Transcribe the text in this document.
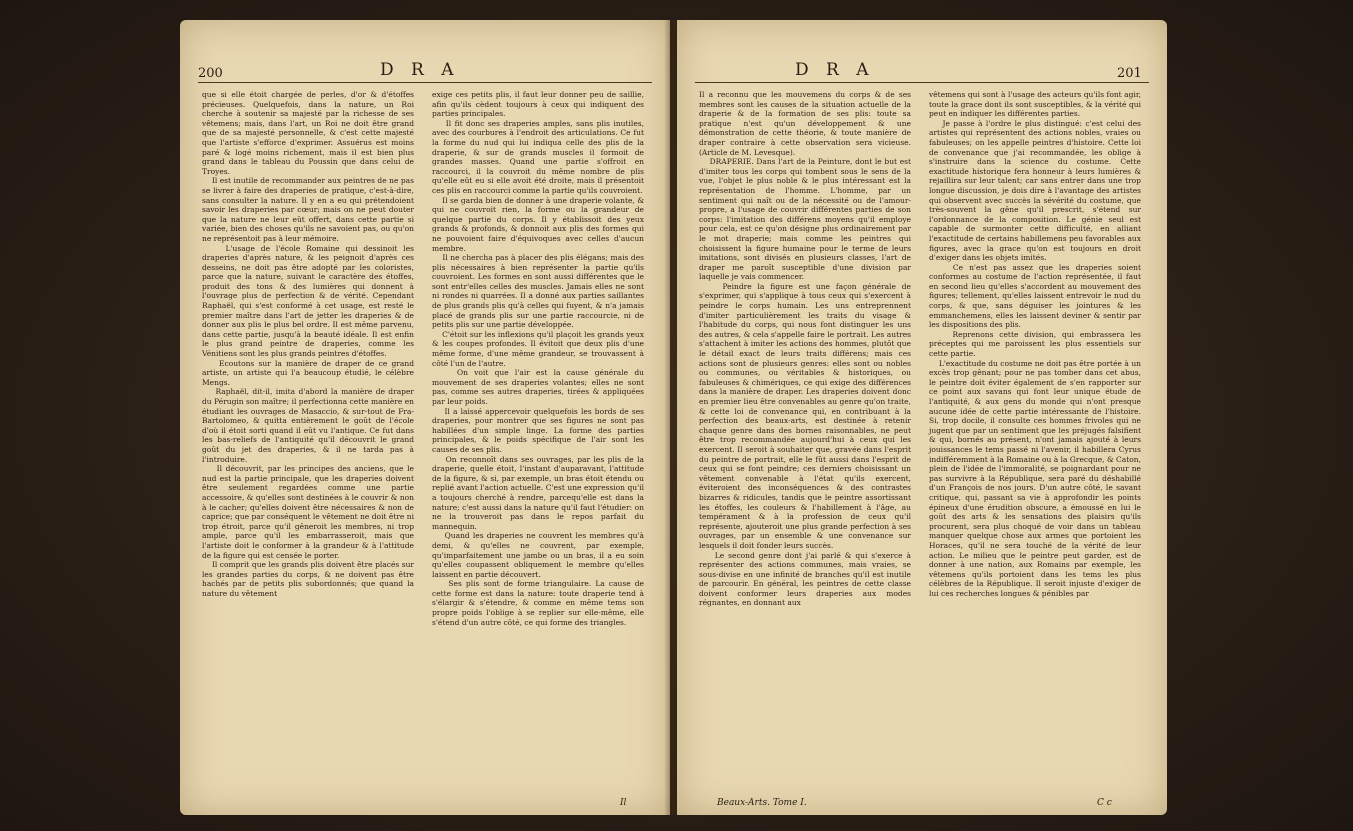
200	D R A
que si elle étoit chargée de perles, d'or & d'étoffes précieuses. Quelquefois, dans la nature, un Roi cherche à soutenir sa majesté par la richesse de ses vêtemens; mais, dans l'art, un Roi ne doit être grand que de sa majesté personnelle, & c'est cette majesté que l'artiste s'efforce d'exprimer. Assuérus est moins paré & logé moins richement, mais il est bien plus grand dans le tableau du Poussin que dans celui de Troyes.
Il est inutile de recommander aux peintres de ne pas se livrer à faire des draperies de pratique, c'est-à-dire, sans consulter la nature. Il y en a eu qui prétendoient savoir les draperies par cœur; mais on ne peut douter que la nature ne leur eût offert, dans cette partie si variée, bien des choses qu'ils ne savoient pas, ou qu'on ne représentoit pas à leur mémoire.
L'usage de l'école Romaine qui dessinoit les draperies d'après nature, & les peignoit d'après ces desseins, ne doit pas être adopté par les coloristes, parce que la nature, suivant le caractère des étoffes, produit des tons & des lumières qui donnent à l'ouvrage plus de perfection & de vérité. Cependant Raphaël, qui s'est conformé à cet usage, est resté le premier maître dans l'art de jetter les draperies & de donner aux plis le plus bel ordre. Il est même parvenu, dans cette partie, jusqu'à la beauté idéale. Il est enfin le plus grand peintre de draperies, comme les Vénitiens sont les plus grands peintres d'étoffes.
Ecoutons sur la manière de draper de ce grand artiste, un artiste qui l'a beaucoup étudié, le célèbre Mengs.
Raphaël, dit-il, imita d'abord la manière de draper du Pérugin son maître; il perfectionna cette manière en étudiant les ouvrages de Masaccio, & sur-tout de Fra-Bartolomeo, & quitta entièrement le goût de l'école d'où il étoit sorti quand il eût vu l'antique. Ce fut dans les bas-reliefs de l'antiquité qu'il découvrit le grand goût du jet des draperies, & il ne tarda pas à l'introduire.
Il découvrit, par les principes des anciens, que le nud est la partie principale, que les draperies doivent être seulement regardées comme une partie accessoire, & qu'elles sont destinées à le couvrir & non à le cacher; qu'elles doivent être nécessaires & non de caprice; que par conséquent le vêtement ne doit être ni trop étroit, parce qu'il gêneroit les membres, ni trop ample, parce qu'il les embarrasseroit, mais que l'artiste doit le conformer à la grandeur & à l'attitude de la figure qui est censée le porter.
Il comprit que les grands plis doivent être placés sur les grandes parties du corps, & ne doivent pas être hachés par de petits plis subordonnés; que quand la nature du vêtement
exige ces petits plis, il faut leur donner peu de saillie, afin qu'ils cèdent toujours à ceux qui indiquent des parties principales.
Il fit donc ses draperies amples, sans plis inutiles, avec des courbures à l'endroit des articulations. Ce fut la forme du nud qui lui indiqua celle des plis de la draperie, & sur de grands muscles il formoit de grandes masses. Quand une partie s'offroit en raccourci, il la couvroit du même nombre de plis qu'elle eût eu si elle avoit été droite, mais il présentoit ces plis en raccourci comme la partie qu'ils couvroient.
Il se garda bien de donner à une draperie volante, & qui ne couvroit rien, la forme ou la grandeur de quelque partie du corps. Il y établissoit des yeux grands & profonds, & donnoit aux plis des formes qui ne pouvoient faire d'équivoques avec celles d'aucun membre.
Il ne chercha pas à placer des plis élégans; mais des plis nécessaires à bien représenter la partie qu'ils couvroient. Les formes en sont aussi différentes que le sont entr'elles celles des muscles. Jamais elles ne sont ni rondes ni quarrées. Il a donné aux parties saillantes de plus grands plis qu'à celles qui fuyent, & n'a jamais placé de grands plis sur une partie raccourcie, ni de petits plis sur une partie développée.
C'étoit sur les inflexions qu'il plaçoit les grands yeux & les coupes profondes. Il évitoit que deux plis d'une même forme, d'une même grandeur, se trouvassent à côté l'un de l'autre.
On voit que l'air est la cause générale du mouvement de ses draperies volantes; elles ne sont pas, comme ses autres draperies, tirées & appliquées par leur poids.
Il a laissé appercevoir quelquefois les bords de ses draperies, pour montrer que ses figures ne sont pas habillées d'un simple linge. La forme des parties principales, & le poids spécifique de l'air sont les causes de ses plis.
On reconnoît dans ses ouvrages, par les plis de la draperie, quelle étoit, l'instant d'auparavant, l'attitude de la figure, & si, par exemple, un bras étoit étendu ou replié avant l'action actuelle. C'est une expression qu'il a toujours cherché à rendre, parcequ'elle est dans la nature; c'est aussi dans la nature qu'il faut l'étudier: on ne la trouveroit pas dans le repos parfait du mannequin.
Quand les draperies ne couvrent les membres qu'à demi, & qu'elles ne couvrent, par exemple, qu'imparfaitement une jambe ou un bras, il a eu soin qu'elles coupassent obliquement le membre qu'elles laissent en partie découvert.
Ses plis sont de forme triangulaire. La cause de cette forme est dans la nature: toute draperie tend à s'élargir & s'étendre, & comme en même tems son propre poids l'oblige à se replier sur elle-même, elle s'étend d'un autre côté, ce qui forme des triangles.
Il
D R A	201
Il a reconnu que les mouvemens du corps & de ses membres sont les causes de la situation actuelle de la draperie & de la formation de ses plis: toute sa pratique n'est qu'un développement & une démonstration de cette théorie, & toute manière de draper contraire à cette observation sera vicieuse. (Article de M. Levesque).
DRAPERIE. Dans l'art de la Peinture, dont le but est d'imiter tous les corps qui tombent sous le sens de la vue, l'objet le plus noble & le plus intéressant est la représentation de l'homme. L'homme, par un sentiment qui naît ou de la nécessité ou de l'amour-propre, a l'usage de couvrir différentes parties de son corps: l'imitation des différens moyens qu'il employe pour cela, est ce qu'on désigne plus ordinairement par le mot draperie; mais comme les peintres qui choisissent la figure humaine pour le terme de leurs imitations, sont divisés en plusieurs classes, l'art de draper me paroît susceptible d'une division par laquelle je vais commencer.
Peindre la figure est une façon générale de s'exprimer, qui s'applique à tous ceux qui s'exercent à peindre le corps humain. Les uns entreprennent d'imiter particulièrement les traits du visage & l'habitude du corps, qui nous font distinguer les uns des autres, & cela s'appelle faire le portrait. Les autres s'attachent à imiter les actions des hommes, plutôt que le détail exact de leurs traits différens; mais ces actions sont de plusieurs genres: elles sont ou nobles ou communes, ou véritables & historiques, ou fabuleuses & chimériques, ce qui exige des différences dans la manière de draper. Les draperies doivent donc en premier lieu être convenables au genre qu'on traite, & cette loi de convenance qui, en contribuant à la perfection des beaux-arts, est destinée à retenir chaque genre dans des bornes raisonnables, ne peut être trop recommandée aujourd'hui à ceux qui les exercent. Il seroit à souhaiter que, gravée dans l'esprit du peintre de portrait, elle le fût aussi dans l'esprit de ceux qui se font peindre; ces derniers choisissant un vêtement convenable à l'état qu'ils exercent, éviteroient des inconséquences & des contrastes bizarres & ridicules, tandis que le peintre assortissant les étoffes, les couleurs & l'habillement à l'âge, au tempérament & à la profession de ceux qu'il représente, ajouteroit une plus grande perfection à ses ouvrages, par un ensemble & une convenance sur lesquels il doit fonder leurs succès.
Le second genre dont j'ai parlé & qui s'exerce à représenter des actions communes, mais vraies, se sous-divise en une infinité de branches qu'il est inutile de parcourir. En général, les peintres de cette classe doivent conformer leurs draperies aux modes régnantes, en donnant aux
vêtemens qui sont à l'usage des acteurs qu'ils font agir, toute la grace dont ils sont susceptibles, & la vérité qui peut en indiquer les différentes parties.
Je passe à l'ordre le plus distingué: c'est celui des artistes qui représentent des actions nobles, vraies ou fabuleuses; on les appelle peintres d'histoire. Cette loi de convenance que j'ai recommandée, les oblige à s'instruire dans la science du costume. Cette exactitude historique fera honneur à leurs lumières & rejaillira sur leur talent; car sans entrer dans une trop longue discussion, je dois dire à l'avantage des artistes qui observent avec succès la sévérité du costume, que très-souvent la gêne qu'il prescrit, s'étend sur l'ordonnance de la composition. Le génie seul est capable de surmonter cette difficulté, en alliant l'exactitude de certains habillemens peu favorables aux figures, avec la grace qu'on est toujours en droit d'exiger dans les objets imités.
Ce n'est pas assez que les draperies soient conformes au costume de l'action représentée, il faut en second lieu qu'elles s'accordent au mouvement des figures; tellement, qu'elles laissent entrevoir le nud du corps, & que, sans déguiser les jointures & les emmanchemens, elles les laissent deviner & sentir par les dispositions des plis.
Reprenons cette division, qui embrassera les préceptes qui me paroissent les plus essentiels sur cette partie.
L'exactitude du costume ne doit pas être portée à un excès trop gênant; pour ne pas tomber dans cet abus, le peintre doit éviter également de s'en rapporter sur ce point aux savans qui font leur unique étude de l'antiquité, & aux gens du monde qui n'ont presque aucune idée de cette partie intéressante de l'histoire. Si, trop docile, il consulte ces hommes frivoles qui ne jugent que par un sentiment que les préjugés falsifient & qui, bornés au présent, n'ont jamais ajouté à leurs jouissances le tems passé ni l'avenir, il habillera Cyrus indifféremment à la Romaine ou à la Grecque, & Caton, plein de l'idée de l'immoralité, se poignardant pour ne pas survivre à la République, sera paré du déshabillé d'un François de nos jours. D'un autre côté, le savant critique, qui, passant sa vie à approfondir les points épineux d'une érudition obscure, a émoussé en lui le goût des arts & les sensations des plaisirs qu'ils procurent, sera plus choqué de voir dans un tableau manquer quelque chose aux armes que portoient les Horaces, qu'il ne sera touché de la vérité de leur action. Le milieu que le peintre peut garder, est de donner à une nation, aux Romains par exemple, les vêtemens qu'ils portoient dans les tems les plus célèbres de la République. Il seroit injuste d'exiger de lui ces recherches longues & pénibles par
Beaux-Arts. Tome I.	C c
